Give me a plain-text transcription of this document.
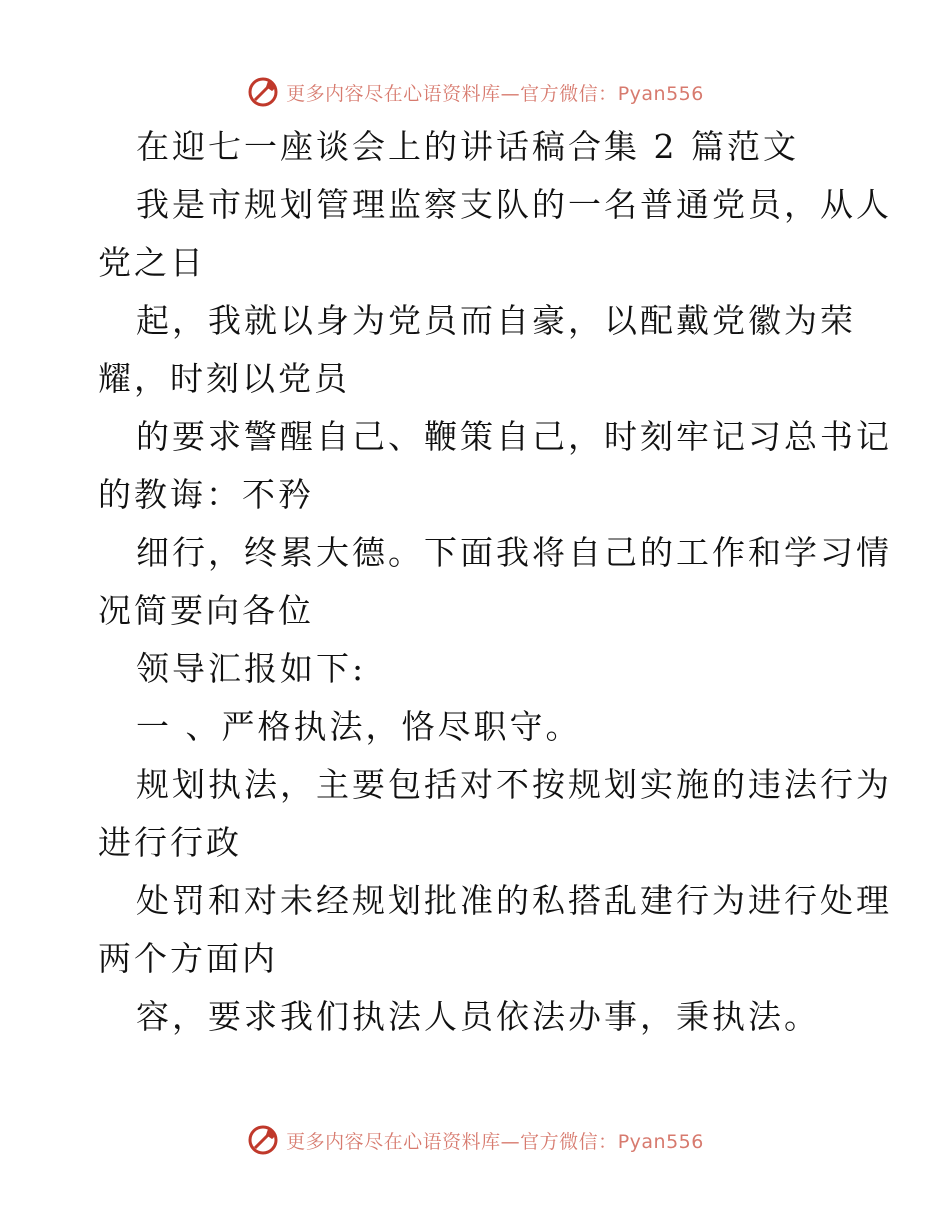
更多内容尽在心语资料库—官方微信：Pyan556
在迎七一座谈会上的讲话稿合集 2 篇范文
我是市规划管理监察支队的一名普通党员，从人
党之日
起，我就以身为党员而自豪，以配戴党徽为荣
耀，时刻以党员
的要求警醒自己、鞭策自己，时刻牢记习总书记
的教诲：不矜
细行，终累大德。下面我将自己的工作和学习情
况简要向各位
领导汇报如下:
一 、严格执法，恪尽职守。
规划执法，主要包括对不按规划实施的违法行为
进行行政
处罚和对未经规划批准的私搭乱建行为进行处理
两个方面内
容，要求我们执法人员依法办事，秉执法。
更多内容尽在心语资料库—官方微信：Pyan556
